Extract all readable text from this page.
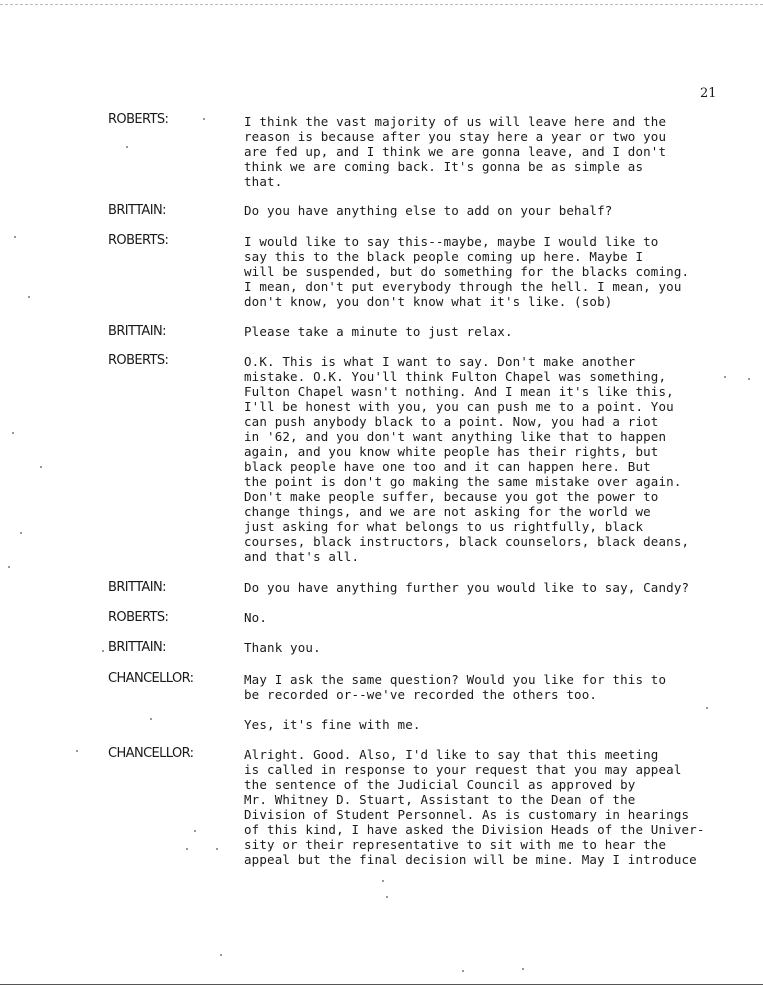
21
ROBERTS:	I think the vast majority of us will leave here and the
reason is because after you stay here a year or two you
are fed up, and I think we are gonna leave, and I don't
think we are coming back. It's gonna be as simple as
that.
BRITTAIN:	Do you have anything else to add on your behalf?
ROBERTS:	I would like to say this--maybe, maybe I would like to
say this to the black people coming up here. Maybe I
will be suspended, but do something for the blacks coming.
I mean, don't put everybody through the hell. I mean, you
don't know, you don't know what it's like. (sob)
BRITTAIN:	Please take a minute to just relax.
ROBERTS:	O.K. This is what I want to say. Don't make another
mistake. O.K. You'll think Fulton Chapel was something,
Fulton Chapel wasn't nothing. And I mean it's like this,
I'll be honest with you, you can push me to a point. You
can push anybody black to a point. Now, you had a riot
in '62, and you don't want anything like that to happen
again, and you know white people has their rights, but
black people have one too and it can happen here. But
the point is don't go making the same mistake over again.
Don't make people suffer, because you got the power to
change things, and we are not asking for the world we
just asking for what belongs to us rightfully, black
courses, black instructors, black counselors, black deans,
and that's all.
BRITTAIN:	Do you have anything further you would like to say, Candy?
ROBERTS:	No.
BRITTAIN:	Thank you.
CHANCELLOR:	May I ask the same question? Would you like for this to
be recorded or--we've recorded the others too.
Yes, it's fine with me.
CHANCELLOR:	Alright. Good. Also, I'd like to say that this meeting
is called in response to your request that you may appeal
the sentence of the Judicial Council as approved by
Mr. Whitney D. Stuart, Assistant to the Dean of the
Division of Student Personnel. As is customary in hearings
of this kind, I have asked the Division Heads of the Univer-
sity or their representative to sit with me to hear the
appeal but the final decision will be mine. May I introduce
